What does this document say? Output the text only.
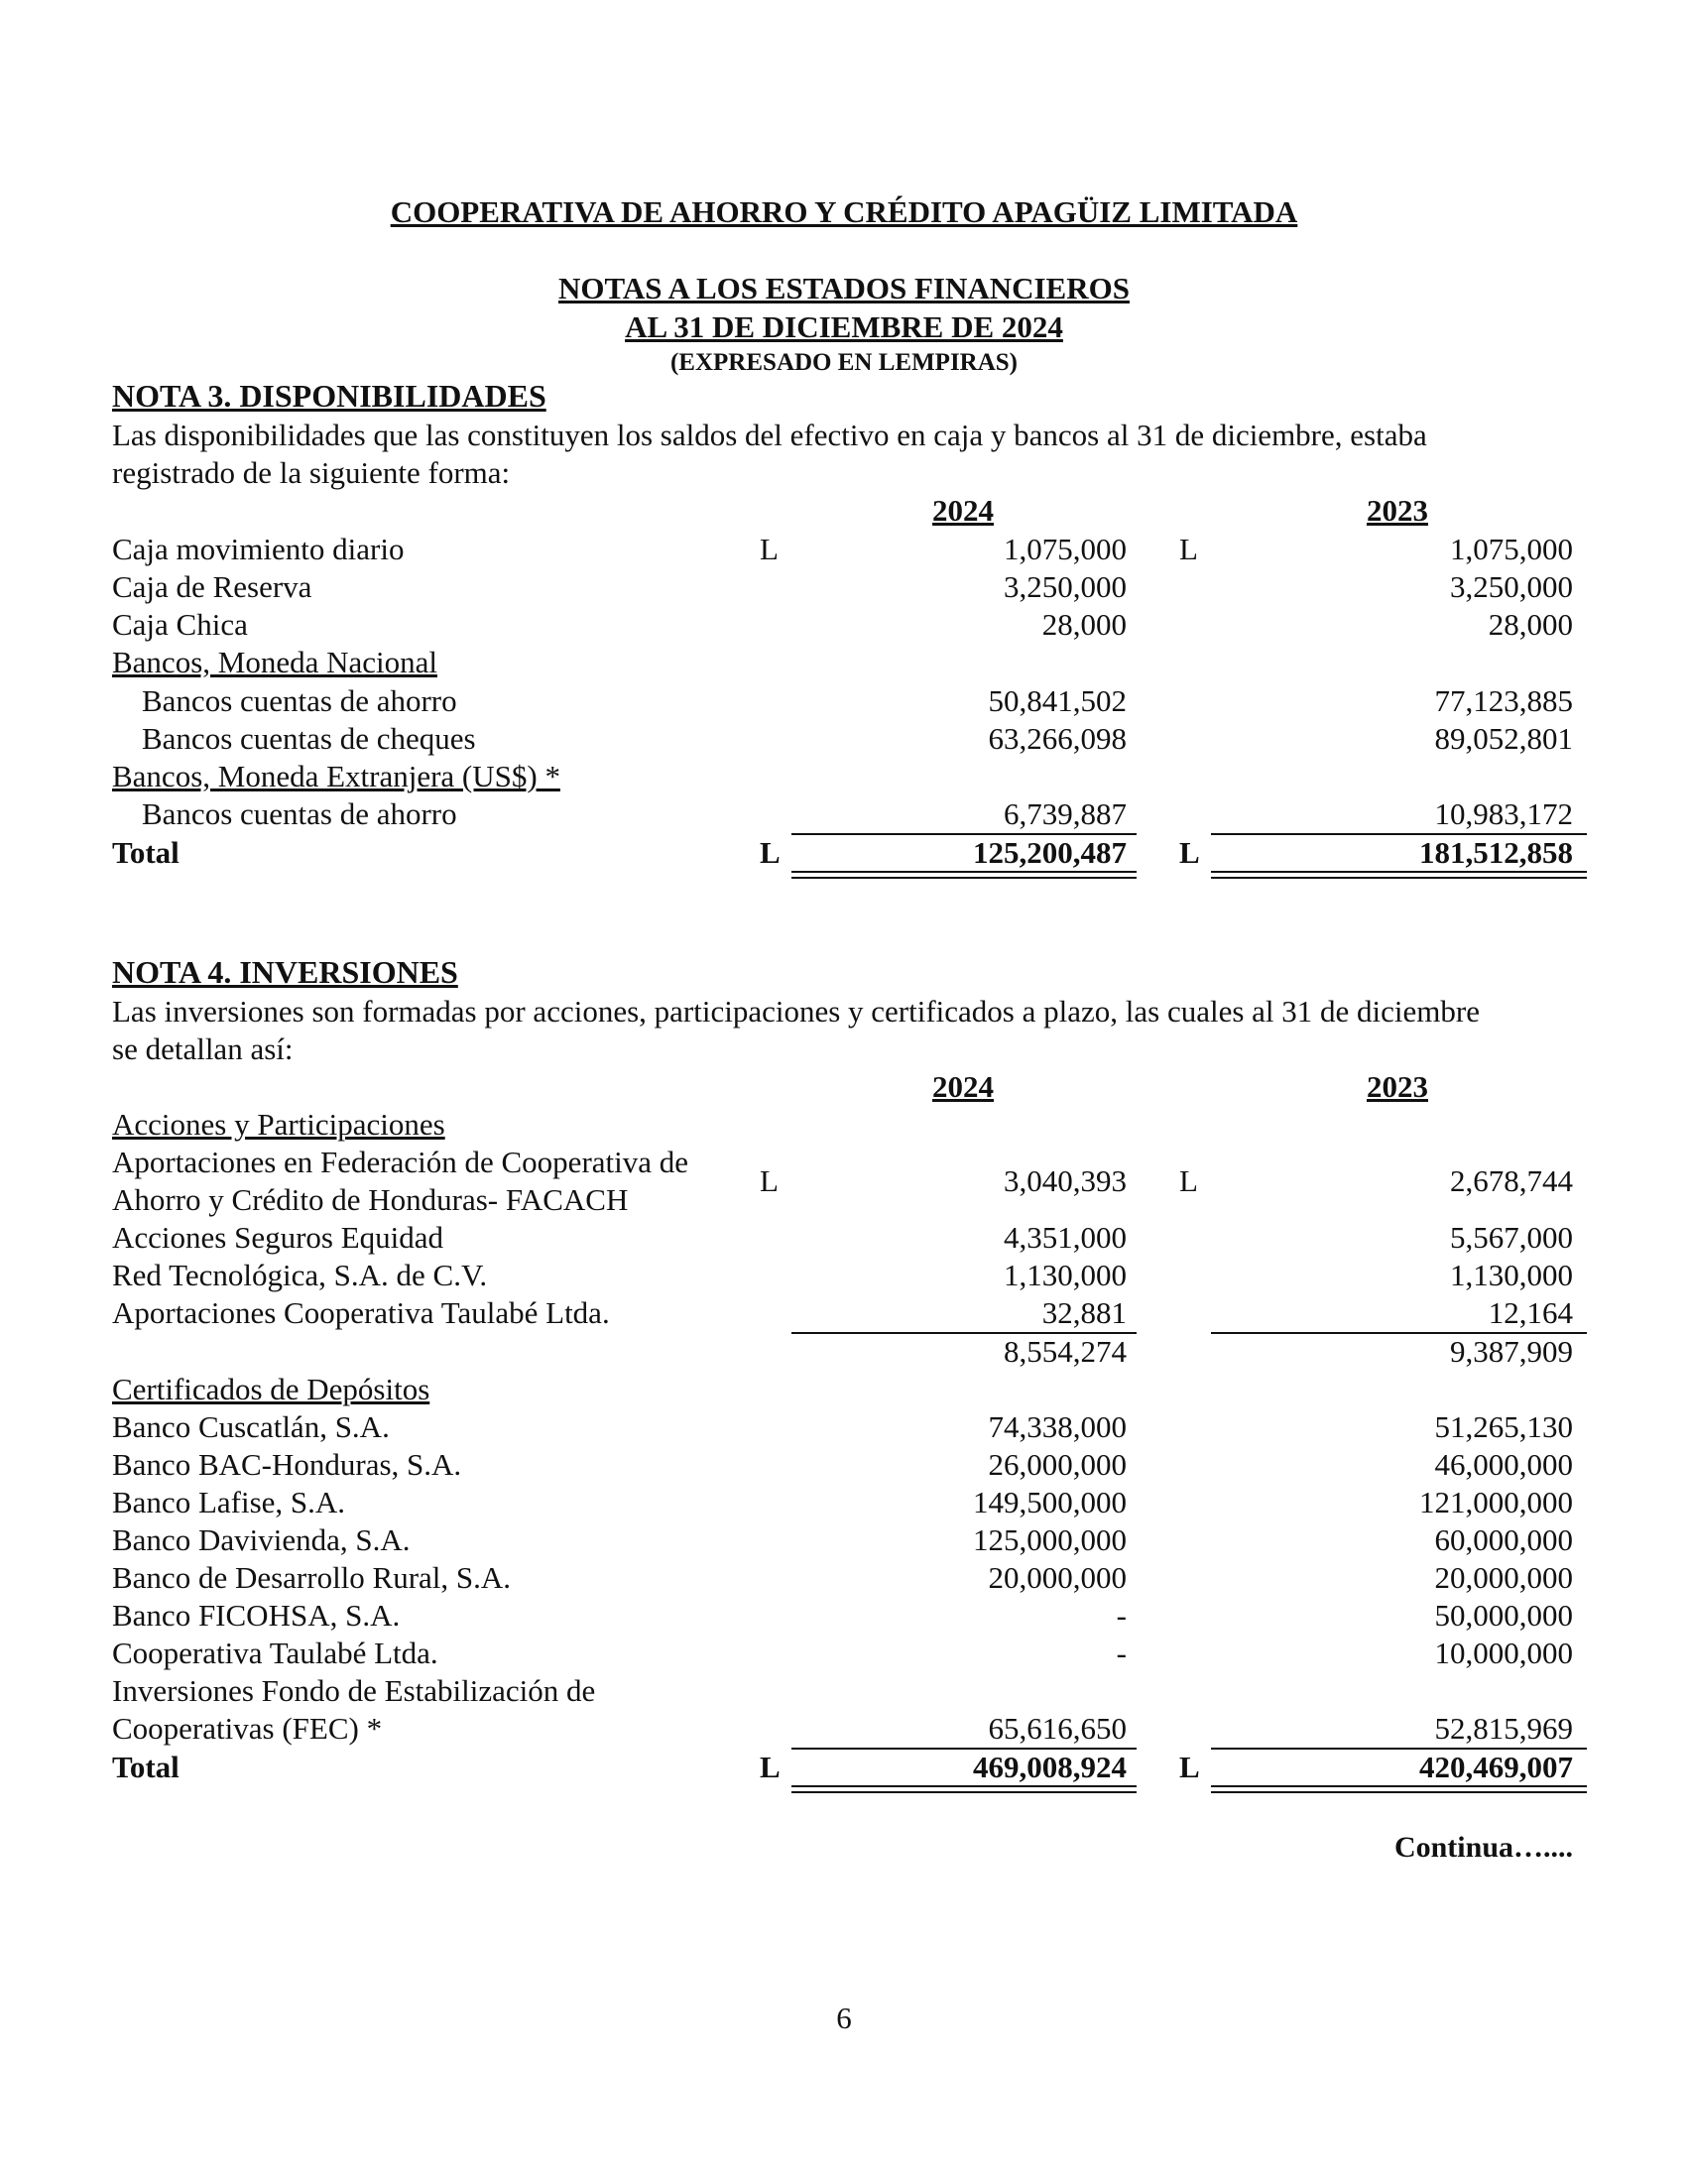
COOPERATIVA DE AHORRO Y CRÉDITO APAGÜIZ LIMITADA
NOTAS A LOS ESTADOS FINANCIEROS
AL 31 DE DICIEMBRE DE 2024
(EXPRESADO EN LEMPIRAS)
NOTA 3. DISPONIBILIDADES
Las disponibilidades que las constituyen los saldos del efectivo en caja y bancos al 31 de diciembre, estaba
registrado de la siguiente forma:
2024	2023
Caja movimiento diario	L	1,075,000 L	1,075,000
Caja de Reserva	3,250,000	3,250,000
Caja Chica	28,000	28,000
Bancos, Moneda Nacional
Bancos cuentas de ahorro	50,841,502	77,123,885
Bancos cuentas de cheques	63,266,098	89,052,801
Bancos, Moneda Extranjera (US$) *
Bancos cuentas de ahorro	6,739,887	10,983,172
Total	L	125,200,487 L	181,512,858
NOTA 4. INVERSIONES
Las inversiones son formadas por acciones, participaciones y certificados a plazo, las cuales al 31 de diciembre
se detallan así:
2024	2023
Acciones y Participaciones
Aportaciones en Federación de Cooperativa de
Ahorro y Crédito de Honduras- FACACH
L	3,040,393 L	2,678,744
Acciones Seguros Equidad	4,351,000	5,567,000
Red Tecnológica, S.A. de C.V.	1,130,000	1,130,000
Aportaciones Cooperativa Taulabé Ltda.	32,881	12,164
8,554,274	9,387,909
Certificados de Depósitos
Banco Cuscatlán, S.A.	74,338,000	51,265,130
Banco BAC-Honduras, S.A.	26,000,000	46,000,000
Banco Lafise, S.A.	149,500,000	121,000,000
Banco Davivienda, S.A.	125,000,000	60,000,000
Banco de Desarrollo Rural, S.A.	20,000,000	20,000,000
Banco FICOHSA, S.A.	-	50,000,000
Cooperativa Taulabé Ltda.	-	10,000,000
Inversiones Fondo de Estabilización de
Cooperativas (FEC) *	65,616,650	52,815,969
Total	L	469,008,924 L	420,469,007
Continua…....
6
